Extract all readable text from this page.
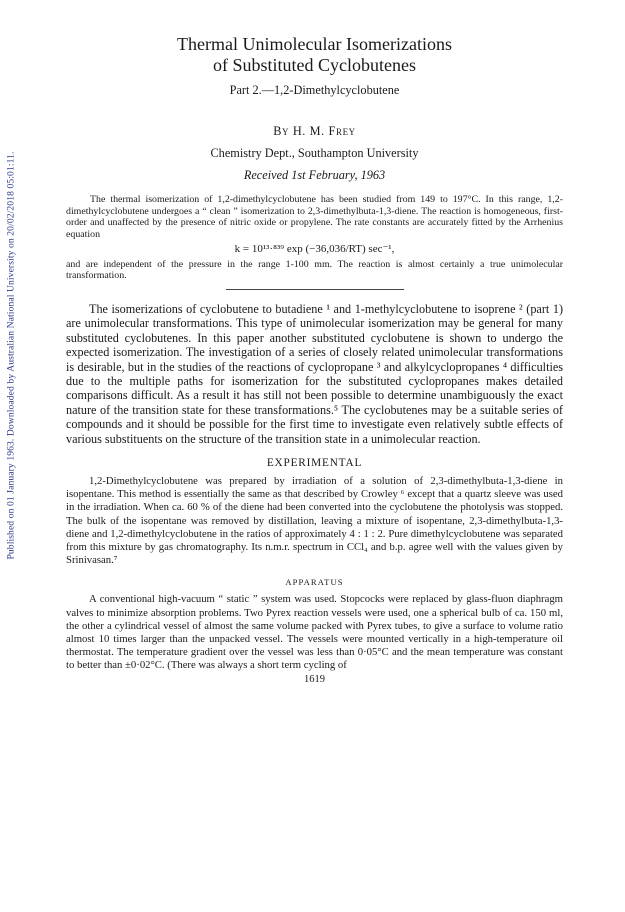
Published on 01 January 1963. Downloaded by Australian National University on 20/02/2018 05:01:11.
Thermal Unimolecular Isomerizations
of Substituted Cyclobutenes
Part 2.—1,2-Dimethylcyclobutene
By H. M. Frey
Chemistry Dept., Southampton University
Received 1st February, 1963

The thermal isomerization of 1,2-dimethylcyclobutene has been studied from 149 to 197°C. In this range, 1,2-dimethylcyclobutene undergoes a “ clean ” isomerization to 2,3-dimethylbuta-1,3-diene. The reaction is homogeneous, first-order and unaffected by the presence of nitric oxide or propylene. The rate constants are accurately fitted by the Arrhenius equation

k = 10¹³·⁸³⁹ exp (−36,036/RT) sec⁻¹,

and are independent of the pressure in the range 1-100 mm. The reaction is almost certainly a true unimolecular transformation.

The isomerizations of cyclobutene to butadiene ¹ and 1-methylcyclobutene to isoprene ² (part 1) are unimolecular transformations. This type of unimolecular isomerization may be general for many substituted cyclobutenes. In this paper another substituted cyclobutene is shown to undergo the expected isomerization. The investigation of a series of closely related unimolecular transformations is desirable, but in the studies of the reactions of cyclopropane ³ and alkylcyclopropanes ⁴ difficulties due to the multiple paths for isomerization for the substituted cyclopropanes makes detailed comparisons difficult. As a result it has still not been possible to determine unambiguously the exact nature of the transition state for these transformations.⁵ The cyclobutenes may be a suitable series of compounds and it should be possible for the first time to investigate even relatively subtle effects of various substituents on the structure of the transition state in a unimolecular reaction.

EXPERIMENTAL

1,2-Dimethylcyclobutene was prepared by irradiation of a solution of 2,3-dimethylbuta-1,3-diene in isopentane. This method is essentially the same as that described by Crowley ⁶ except that a quartz sleeve was used in the irradiation. When ca. 60 % of the diene had been converted into the cyclobutene the photolysis was stopped. The bulk of the isopentane was removed by distillation, leaving a mixture of isopentane, 2,3-dimethylbuta-1,3-diene and 1,2-dimethylcyclobutene in the ratios of approximately 4 : 1 : 2. Pure dimethylcyclobutene was separated from this mixture by gas chromatography. Its n.m.r. spectrum in CCl₄ and b.p. agree well with the values given by Srinivasan.⁷

APPARATUS

A conventional high-vacuum “ static ” system was used. Stopcocks were replaced by glass-fluon diaphragm valves to minimize absorption problems. Two Pyrex reaction vessels were used, one a spherical bulb of ca. 150 ml, the other a cylindrical vessel of almost the same volume packed with Pyrex tubes, to give a surface to volume ratio almost 10 times larger than the unpacked vessel. The vessels were mounted vertically in a high-temperature oil thermostat. The temperature gradient over the vessel was less than 0·05°C and the mean temperature was constant to better than ±0·02°C. (There was always a short term cycling of

1619
